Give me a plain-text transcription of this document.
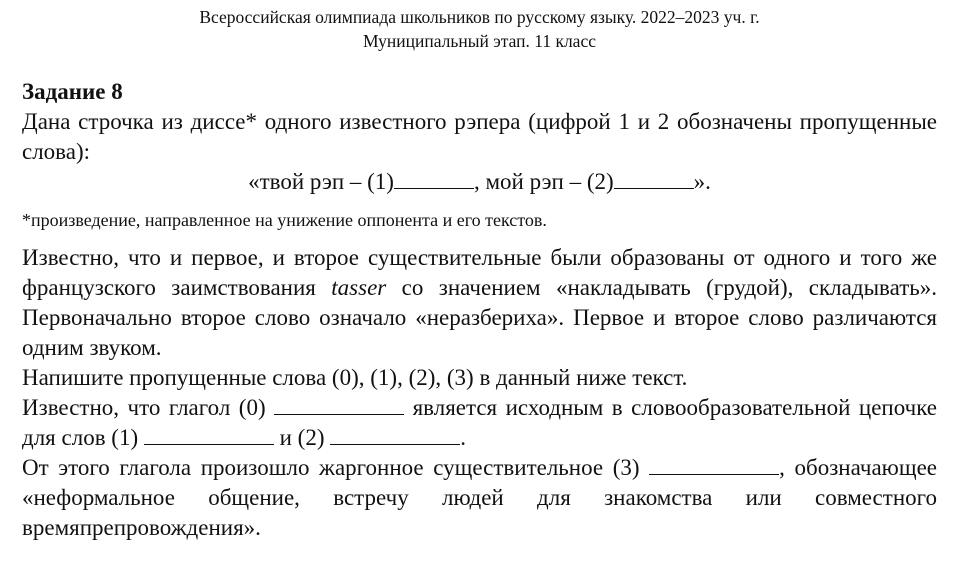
Всероссийская олимпиада школьников по русскому языку. 2022–2023 уч. г.
Муниципальный этап. 11 класс
Задание 8

Дана строчка из диссе* одного известного рэпера (цифрой 1 и 2 обозначены пропущенные слова):

«твой рэп – (1)	, мой рэп – (2)	».
*произведение, направленное на унижение оппонента и его текстов.

Известно, что и первое, и второе существительные были образованы от одного и того же французского заимствования tasser со значением «накладывать (грудой), складывать». Первоначально второе слово означало «неразбериха». Первое и второе слово различаются одним звуком.

Напишите пропущенные слова (0), (1), (2), (3) в данный ниже текст.

Известно, что глагол (0)	является исходным в словообразовательной цепочке для слов (1)	и (2)	.

От этого глагола произошло жаргонное существительное (3)	, обозначающее «неформальное общение, встречу людей для знакомства или совместного времяпрепровождения».
